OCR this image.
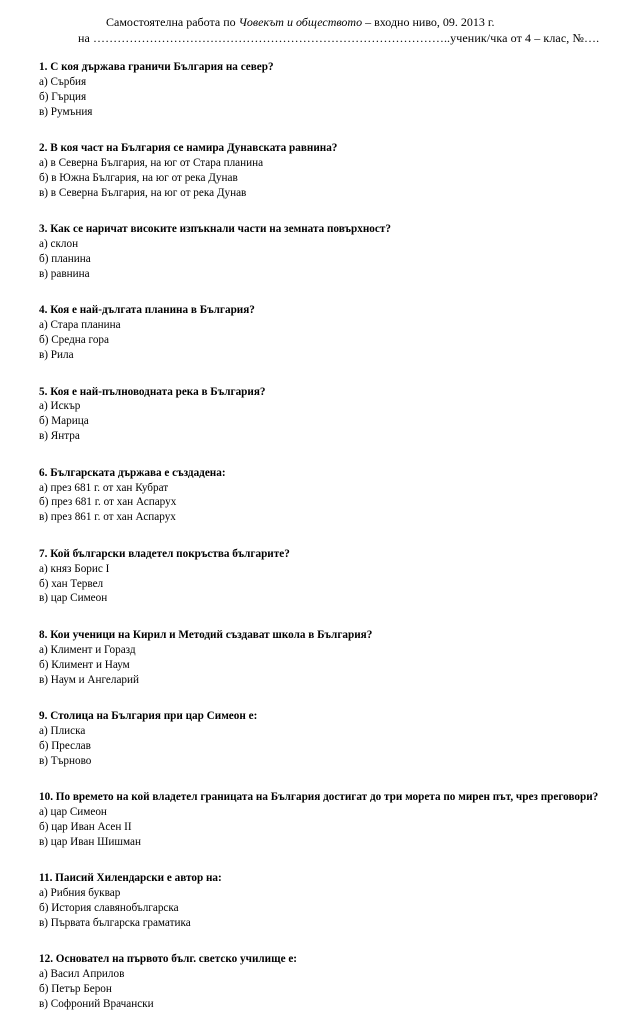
Самостоятелна работа по Човекът и обществото – входно ниво, 09. 2013 г.
на ……………………………………………………………………………..ученик/чка от 4 – клас, №….
1. С коя държава граничи България на север?
а) Сърбия
б) Гърция
в) Румъния
2. В коя част на България се намира Дунавската равнина?
а) в Северна България, на юг от Стара планина
б) в Южна България, на юг от река Дунав
в) в Северна България, на юг от река Дунав
3. Как се наричат високите изпъкнали части на земната повърхност?
а) склон
б) планина
в) равнина
4. Коя е най-дългата планина в България?
а) Стара планина
б) Средна гора
в) Рила
5. Коя е най-пълноводната река в България?
а) Искър
б) Марица
в) Янтра
6. Българската държава е създадена:
а) през 681 г. от хан Кубрат
б) през 681 г. от хан Аспарух
в) през 861 г. от хан Аспарух
7. Кой български владетел покръства българите?
а) княз Борис I
б) хан Тервел
в) цар Симеон
8. Кои ученици на Кирил и Методий създават школа в България?
а) Климент и Горазд
б) Климент и Наум
в) Наум и Ангеларий
9. Столица на България при цар Симеон е:
а) Плиска
б) Преслав
в) Търново
10. По времето на кой владетел границата на България достигат до три морета по мирен път, чрез преговори?
а) цар Симеон
б) цар Иван Асен II
в) цар Иван Шишман
11. Паисий Хилендарски е автор на:
а) Рибния буквар
б) История славянобългарска
в) Първата българска граматика
12. Основател на първото бълг. светско училище е:
а) Васил Априлов
б) Петър Берон
в) Софроний Врачански
